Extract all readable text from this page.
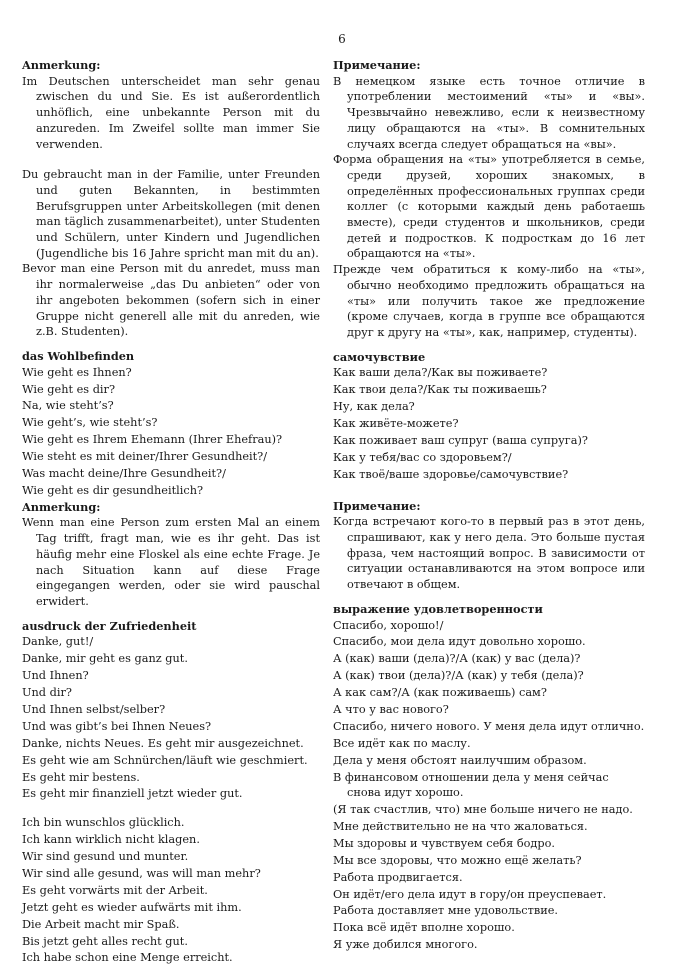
6

Anmerkung:

Im Deutschen unterscheidet man sehr genau zwischen du und Sie. Es ist außerordentlich unhöflich, eine unbekannte Person mit du anzureden. Im Zweifel sollte man immer Sie verwenden.

Du gebraucht man in der Familie, unter Freunden und guten Bekannten, in bestimmten Berufsgruppen unter Arbeitskollegen (mit denen man täglich zusammenarbeitet), unter Studenten und Schülern, unter Kindern und Jugendlichen (Jugendliche bis 16 Jahre spricht man mit du an).

Bevor man eine Person mit du anredet, muss man ihr normalerweise „das Du anbieten“ oder von ihr angeboten bekommen (sofern sich in einer Gruppe nicht generell alle mit du anreden, wie z.B. Studenten).

das Wohlbefinden

Wie geht es Ihnen?

Wie geht es dir?

Na, wie steht’s?

Wie geht’s, wie steht’s?

Wie geht es Ihrem Ehemann (Ihrer Ehefrau)?

Wie steht es mit deiner/Ihrer Gesundheit?/

Was macht deine/Ihre Gesundheit?/

Wie geht es dir gesundheitlich?

Anmerkung:

Wenn man eine Person zum ersten Mal an einem Tag trifft, fragt man, wie es ihr geht. Das ist häufig mehr eine Floskel als eine echte Frage. Je nach Situation kann auf diese Frage eingegangen werden, oder sie wird pauschal erwidert.

ausdruck der Zufriedenheit

Danke, gut!/

Danke, mir geht es ganz gut.

Und Ihnen?

Und dir?

Und Ihnen selbst/selber?

Und was gibt’s bei Ihnen Neues?

Danke, nichts Neues. Es geht mir ausgezeichnet.

Es geht wie am Schnürchen/läuft wie geschmiert.

Es geht mir bestens.

Es geht mir finanziell jetzt wieder gut.

Ich bin wunschlos glücklich.

Ich kann wirklich nicht klagen.

Wir sind gesund und munter.

Wir sind alle gesund, was will man mehr?

Es geht vorwärts mit der Arbeit.

Jetzt geht es wieder aufwärts mit ihm.

Die Arbeit macht mir Spaß.

Bis jetzt geht alles recht gut.

Ich habe schon eine Menge erreicht.

Примечание:

В немецком языке есть точное отличие в употреблении местоимений «ты» и «вы». Чрезвычайно невежливо, если к неизвестному лицу обращаются на «ты». В сомнительных случаях всегда следует обращаться на «вы».

Форма обращения на «ты» употребляется в семье, среди друзей, хороших знакомых, в определённых профессиональных группах среди коллег (с которыми каждый день работаешь вместе), среди студентов и школьников, среди детей и подростков. К подросткам до 16 лет обращаются на «ты».

Прежде чем обратиться к кому-либо на «ты», обычно необходимо предложить обращаться на «ты» или получить такое же предложение (кроме случаев, когда в группе все обращаются друг к другу на «ты», как, например, студенты).

самочувствие

Как ваши дела?/Как вы поживаете?

Как твои дела?/Как ты поживаешь?

Ну, как дела?

Как живёте-можете?

Как поживает ваш супруг (ваша супруга)?

Как у тебя/вас со здоровьем?/

Как твоё/ваше здоровье/самочувствие?

Примечание:

Когда встречают кого-то в первый раз в этот день, спрашивают, как у него дела. Это больше пустая фраза, чем настоящий вопрос. В зависимости от ситуации останавливаются на этом вопросе или отвечают в общем.

выражение удовлетворенности

Спасибо, хорошо!/

Спасибо, мои дела идут довольно хорошо.

А (как) ваши (дела)?/А (как) у вас (дела)?

А (как) твои (дела)?/А (как) у тебя (дела)?

А как сам?/А (как поживаешь) сам?

А что у вас нового?

Спасибо, ничего нового. У меня дела идут отлично.

Все идёт как по маслу.

Дела у меня обстоят наилучшим образом.

В финансовом отношении дела у меня сейчас снова идут хорошо.

(Я так счастлив, что) мне больше ничего не надо.

Мне действительно не на что жаловаться.

Мы здоровы и чувствуем себя бодро.

Мы все здоровы, что можно ещё желать?

Работа продвигается.

Он идёт/его дела идут в гору/он преуспевает.

Работа доставляет мне удовольствие.

Пока всё идёт вполне хорошо.

Я уже добился многого.
